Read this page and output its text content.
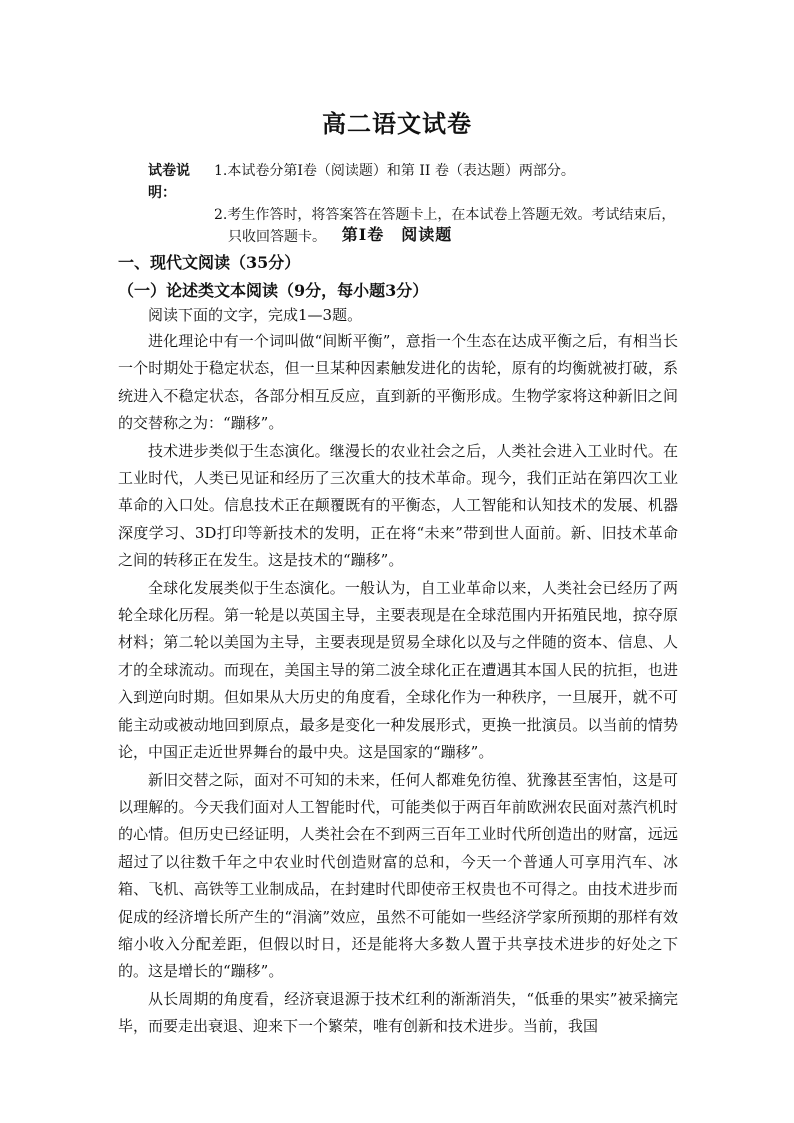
高二语文试卷
试卷说明：
1.本试卷分第Ⅰ卷（阅读题）和第 II 卷（表达题）两部分。
2.考生作答时，将答案答在答题卡上，在本试卷上答题无效。考试结束后，
只收回答题卡。 第Ⅰ卷　阅读题
一、现代文阅读（35分）
（一）论述类文本阅读（9分，每小题3分）
阅读下面的文字，完成1—3题。

进化理论中有一个词叫做“间断平衡”，意指一个生态在达成平衡之后，有相当长一个时期处于稳定状态，但一旦某种因素触发进化的齿轮，原有的均衡就被打破，系统进入不稳定状态，各部分相互反应，直到新的平衡形成。生物学家将这种新旧之间的交替称之为：“蹦移”。

技术进步类似于生态演化。继漫长的农业社会之后，人类社会进入工业时代。在工业时代，人类已见证和经历了三次重大的技术革命。现今，我们正站在第四次工业革命的入口处。信息技术正在颠覆既有的平衡态，人工智能和认知技术的发展、机器深度学习、3D打印等新技术的发明，正在将“未来”带到世人面前。新、旧技术革命之间的转移正在发生。这是技术的“蹦移”。

全球化发展类似于生态演化。一般认为，自工业革命以来，人类社会已经历了两轮全球化历程。第一轮是以英国主导，主要表现是在全球范围内开拓殖民地，掠夺原材料；第二轮以美国为主导，主要表现是贸易全球化以及与之伴随的资本、信息、人才的全球流动。而现在，美国主导的第二波全球化正在遭遇其本国人民的抗拒，也进入到逆向时期。但如果从大历史的角度看，全球化作为一种秩序，一旦展开，就不可能主动或被动地回到原点，最多是变化一种发展形式，更换一批演员。以当前的情势论，中国正走近世界舞台的最中央。这是国家的“蹦移”。

新旧交替之际，面对不可知的未来，任何人都难免彷徨、犹豫甚至害怕，这是可以理解的。今天我们面对人工智能时代，可能类似于两百年前欧洲农民面对蒸汽机时的心情。但历史已经证明，人类社会在不到两三百年工业时代所创造出的财富，远远超过了以往数千年之中农业时代创造财富的总和，今天一个普通人可享用汽车、冰箱、飞机、高铁等工业制成品，在封建时代即使帝王权贵也不可得之。由技术进步而促成的经济增长所产生的“涓滴”效应，虽然不可能如一些经济学家所预期的那样有效缩小收入分配差距，但假以时日，还是能将大多数人置于共享技术进步的好处之下的。这是增长的“蹦移”。

从长周期的角度看，经济衰退源于技术红利的渐渐消失，“低垂的果实”被采摘完毕，而要走出衰退、迎来下一个繁荣，唯有创新和技术进步。当前，我国
